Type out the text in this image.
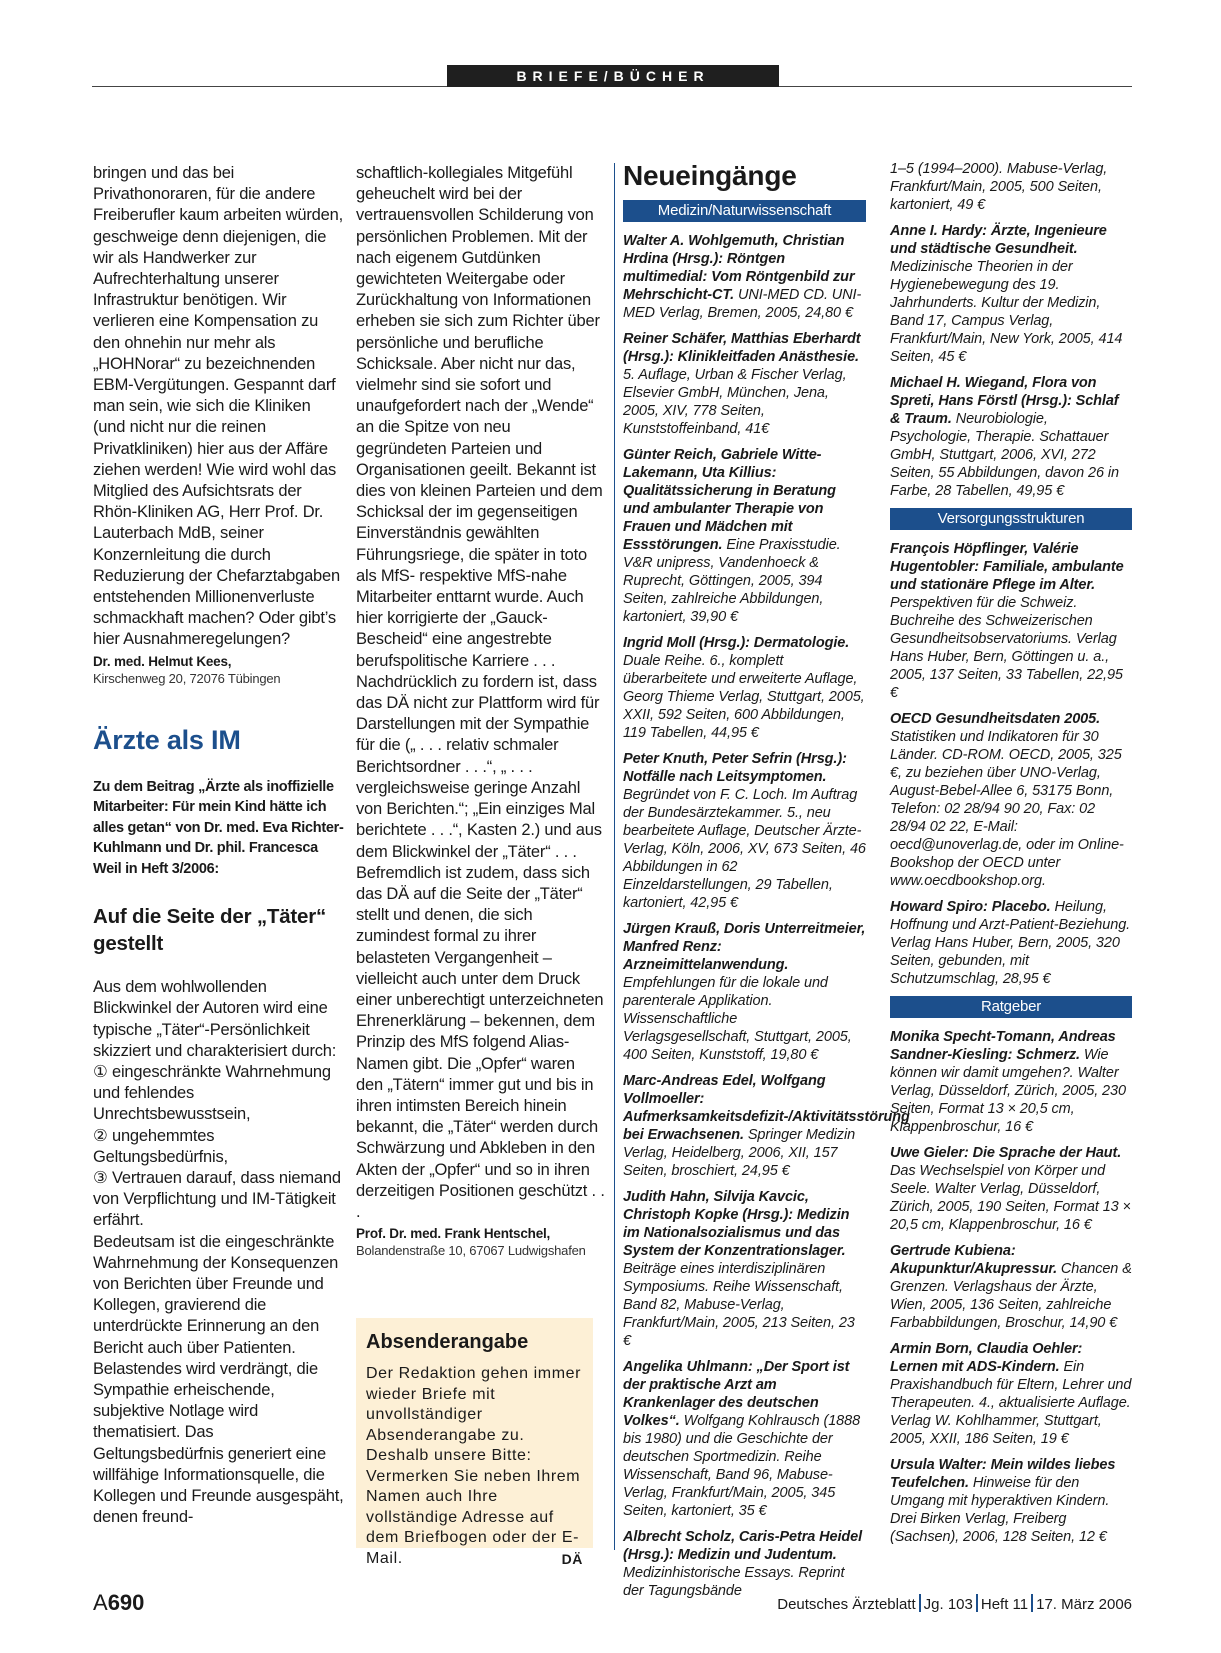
BRIEFE/BÜCHER

bringen und das bei Privathonoraren, für die andere Freiberufler kaum arbeiten würden, geschweige denn diejenigen, die wir als Handwerker zur Aufrechterhaltung unserer Infrastruktur benötigen. Wir verlieren eine Kompensation zu den ohnehin nur mehr als „HOHNorar“ zu bezeichnenden EBM-Vergütungen. Gespannt darf man sein, wie sich die Kliniken (und nicht nur die reinen Privatkliniken) hier aus der Affäre ziehen werden! Wie wird wohl das Mitglied des Aufsichtsrats der Rhön-Kliniken AG, Herr Prof. Dr. Lauterbach MdB, seiner Konzernleitung die durch Reduzierung der Chefarztabgaben entstehenden Millionenverluste schmackhaft machen? Oder gibt’s hier Ausnahmeregelungen?

Dr. med. Helmut Kees,

Kirschenweg 20, 72076 Tübingen

Ärzte als IM

Zu dem Beitrag „Ärzte als inoffizielle Mitarbeiter: Für mein Kind hätte ich alles getan“ von Dr. med. Eva Richter-Kuhlmann und Dr. phil. Francesca Weil in Heft 3/2006:

Auf die Seite der „Täter“ gestellt

Aus dem wohlwollenden Blickwinkel der Autoren wird eine typische „Täter“-Persönlichkeit skizziert und charakterisiert durch:

① eingeschränkte Wahrnehmung und fehlendes Unrechtsbewusstsein,

② ungehemmtes Geltungsbedürfnis,

③ Vertrauen darauf, dass niemand von Verpflichtung und IM-Tätigkeit erfährt.

Bedeutsam ist die eingeschränkte Wahrnehmung der Konsequenzen von Berichten über Freunde und Kollegen, gravierend die unterdrückte Erinnerung an den Bericht auch über Patienten. Belastendes wird verdrängt, die Sympathie erheischende, subjektive Notlage wird thematisiert. Das Geltungsbedürfnis generiert eine willfähige Informationsquelle, die Kollegen und Freunde ausgespäht, denen freund-

schaftlich-kollegiales Mitgefühl geheuchelt wird bei der vertrauensvollen Schilderung von persönlichen Problemen. Mit der nach eigenem Gutdünken gewichteten Weitergabe oder Zurückhaltung von Informationen erheben sie sich zum Richter über persönliche und berufliche Schicksale. Aber nicht nur das, vielmehr sind sie sofort und unaufgefordert nach der „Wende“ an die Spitze von neu gegründeten Parteien und Organisationen geeilt. Bekannt ist dies von kleinen Parteien und dem Schicksal der im gegenseitigen Einverständnis gewählten Führungsriege, die später in toto als MfS- respektive MfS-nahe Mitarbeiter enttarnt wurde. Auch hier korrigierte der „Gauck-Bescheid“ eine angestrebte berufspolitische Karriere . . . Nachdrücklich zu fordern ist, dass das DÄ nicht zur Plattform wird für Darstellungen mit der Sympathie für die („ . . . relativ schmaler Berichtsordner . . .“, „ . . . vergleichsweise geringe Anzahl von Berichten.“; „Ein einziges Mal berichtete . . .“, Kasten 2.) und aus dem Blickwinkel der „Täter“ . . . Befremdlich ist zudem, dass sich das DÄ auf die Seite der „Täter“ stellt und denen, die sich zumindest formal zu ihrer belasteten Vergangenheit – vielleicht auch unter dem Druck einer unberechtigt unterzeichneten Ehrenerklärung – bekennen, dem Prinzip des MfS folgend Alias-Namen gibt. Die „Opfer“ waren den „Tätern“ immer gut und bis in ihren intimsten Bereich hinein bekannt, die „Täter“ werden durch Schwärzung und Abkleben in den Akten der „Opfer“ und so in ihren derzeitigen Positionen geschützt . . .

Prof. Dr. med. Frank Hentschel,

Bolandenstraße 10, 67067 Ludwigshafen

Absenderangabe
Der Redaktion gehen immer wieder Briefe mit unvollständiger Absenderangabe zu. Deshalb unsere Bitte: Vermerken Sie neben Ihrem Namen auch Ihre vollständige Adresse auf dem Briefbogen oder der E-Mail.	DÄ

Neueingänge

Medizin/Naturwissenschaft

Walter A. Wohlgemuth, Christian Hrdina (Hrsg.): Röntgen multimedial: Vom Röntgenbild zur Mehrschicht-CT. UNI-MED CD. UNI-MED Verlag, Bremen, 2005, 24,80 €

Reiner Schäfer, Matthias Eberhardt (Hrsg.): Klinikleitfaden Anästhesie. 5. Auflage, Urban & Fischer Verlag, Elsevier GmbH, München, Jena, 2005, XIV, 778 Seiten, Kunststoffeinband, 41€

Günter Reich, Gabriele Witte-Lakemann, Uta Killius: Qualitätssicherung in Beratung und ambulanter Therapie von Frauen und Mädchen mit Essstörungen. Eine Praxisstudie. V&R unipress, Vandenhoeck & Ruprecht, Göttingen, 2005, 394 Seiten, zahlreiche Abbildungen, kartoniert, 39,90 €

Ingrid Moll (Hrsg.): Dermatologie. Duale Reihe. 6., komplett überarbeitete und erweiterte Auflage, Georg Thieme Verlag, Stuttgart, 2005, XXII, 592 Seiten, 600 Abbildungen, 119 Tabellen, 44,95 €

Peter Knuth, Peter Sefrin (Hrsg.): Notfälle nach Leitsymptomen. Begründet von F. C. Loch. Im Auftrag der Bundesärztekammer. 5., neu bearbeitete Auflage, Deutscher Ärzte-Verlag, Köln, 2006, XV, 673 Seiten, 46 Abbildungen in 62 Einzeldarstellungen, 29 Tabellen, kartoniert, 42,95 €

Jürgen Krauß, Doris Unterreitmeier, Manfred Renz: Arzneimittelanwendung. Empfehlungen für die lokale und parenterale Applikation. Wissenschaftliche Verlagsgesellschaft, Stuttgart, 2005, 400 Seiten, Kunststoff, 19,80 €

Marc-Andreas Edel, Wolfgang Vollmoeller: Aufmerksamkeitsdefizit-/Aktivitätsstörung bei Erwachsenen. Springer Medizin Verlag, Heidelberg, 2006, XII, 157 Seiten, broschiert, 24,95 €

Judith Hahn, Silvija Kavcic, Christoph Kopke (Hrsg.): Medizin im Nationalsozialismus und das System der Konzentrationslager. Beiträge eines interdisziplinären Symposiums. Reihe Wissenschaft, Band 82, Mabuse-Verlag, Frankfurt/Main, 2005, 213 Seiten, 23 €

Angelika Uhlmann: „Der Sport ist der praktische Arzt am Krankenlager des deutschen Volkes“. Wolfgang Kohlrausch (1888 bis 1980) und die Geschichte der deutschen Sportmedizin. Reihe Wissenschaft, Band 96, Mabuse-Verlag, Frankfurt/Main, 2005, 345 Seiten, kartoniert, 35 €

Albrecht Scholz, Caris-Petra Heidel (Hrsg.): Medizin und Judentum. Medizinhistorische Essays. Reprint der Tagungsbände

1–5 (1994–2000). Mabuse-Verlag, Frankfurt/Main, 2005, 500 Seiten, kartoniert, 49 €

Anne I. Hardy: Ärzte, Ingenieure und städtische Gesundheit. Medizinische Theorien in der Hygienebewegung des 19. Jahrhunderts. Kultur der Medizin, Band 17, Campus Verlag, Frankfurt/Main, New York, 2005, 414 Seiten, 45 €

Michael H. Wiegand, Flora von Spreti, Hans Förstl (Hrsg.): Schlaf & Traum. Neurobiologie, Psychologie, Therapie. Schattauer GmbH, Stuttgart, 2006, XVI, 272 Seiten, 55 Abbildungen, davon 26 in Farbe, 28 Tabellen, 49,95 €

Versorgungsstrukturen

François Höpflinger, Valérie Hugentobler: Familiale, ambulante und stationäre Pflege im Alter. Perspektiven für die Schweiz. Buchreihe des Schweizerischen Gesundheitsobservatoriums. Verlag Hans Huber, Bern, Göttingen u. a., 2005, 137 Seiten, 33 Tabellen, 22,95 €

OECD Gesundheitsdaten 2005. Statistiken und Indikatoren für 30 Länder. CD-ROM. OECD, 2005, 325 €, zu beziehen über UNO-Verlag, August-Bebel-Allee 6, 53175 Bonn, Telefon: 02 28/94 90 20, Fax: 02 28/94 02 22, E-Mail: oecd@unoverlag.de, oder im Online-Bookshop der OECD unter www.oecdbookshop.org.

Howard Spiro: Placebo. Heilung, Hoffnung und Arzt-Patient-Beziehung. Verlag Hans Huber, Bern, 2005, 320 Seiten, gebunden, mit Schutzumschlag, 28,95 €

Ratgeber

Monika Specht-Tomann, Andreas Sandner-Kiesling: Schmerz. Wie können wir damit umgehen?. Walter Verlag, Düsseldorf, Zürich, 2005, 230 Seiten, Format 13 × 20,5 cm, Klappenbroschur, 16 €

Uwe Gieler: Die Sprache der Haut. Das Wechselspiel von Körper und Seele. Walter Verlag, Düsseldorf, Zürich, 2005, 190 Seiten, Format 13 × 20,5 cm, Klappenbroschur, 16 €

Gertrude Kubiena: Akupunktur/Akupressur. Chancen & Grenzen. Verlagshaus der Ärzte, Wien, 2005, 136 Seiten, zahlreiche Farbabbildungen, Broschur, 14,90 €

Armin Born, Claudia Oehler: Lernen mit ADS-Kindern. Ein Praxishandbuch für Eltern, Lehrer und Therapeuten. 4., aktualisierte Auflage. Verlag W. Kohlhammer, Stuttgart, 2005, XXII, 186 Seiten, 19 €

Ursula Walter: Mein wildes liebes Teufelchen. Hinweise für den Umgang mit hyperaktiven Kindern. Drei Birken Verlag, Freiberg (Sachsen), 2006, 128 Seiten, 12 €

A690	Deutsches Ärzteblatt Jg. 103 Heft 11 17. März 2006
